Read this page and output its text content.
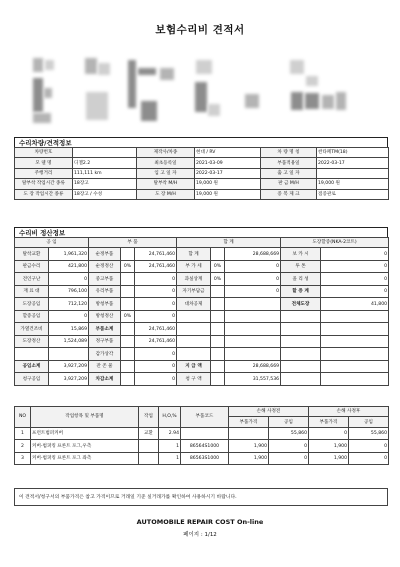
보험수리비 견적서
수리차량/견적정보
차량번호		제작사/차종	현대 / RV	차 량 명 칭	싼타페TM(18)
모 델 명	디젤2.2	최초등록일	2021-03-09	부품적용일	2022-03-17
주행거리	111,111 km	입 고 일 자	2022-03-17	출 고 일 자	
탈부착 작업시간 종류	18장고	탈부착 M/H	19,000 원	판 금 M/H	19,000 원
도 장 작업시간 종류	18장고 / 수성	도 장 M/H	19,000 원	증 복 제 크	점증관로
수리비 정산정보
공 임		부 품			합 계			도장할증(NKA-2코트)	
탈착교환	1,961,320	순정부품		24,761,460	합 계		28,688,669	보 카 시	0
판금수리	421,800	순정정산	0%	24,761,460	부 가 세	0%	0	투 톤	0
견인구난	0	중고부품		0	과실상계	0%	0	올 리 성	0
재 료 대	796,100	유리부품		0	자기부담금		0	할 증 계	0
도장공임	712,120	방청부품		0	대차공제			전체도장	41,800
할증공임	0	방청정산	0%	0					
가열건조비	15,869	부품소계		24,761,460					
도장정산	1,524,089	정구부품		24,761,460					
		감가상각		0					
공임소계	3,927,209	잔 존 물		0	지 급 액		28,688,669		
청구공임	3,927,209	차감소계		0	청 구 액		31,557,536		
NO	작업항목 및 부품명	작업	H,O,%	부품코드	손해 사정전		손해 사정후	
					부품가격	공임	부품가격	공임
1	프런트범퍼커버	교환	2.94			55,860	0	55,860
2	커버-범퍼킹 프론트 포그,우측		1	86564S1000	1,900	0	1,900	0
3	커버-범퍼킹 프론트 포그 좌측		1	86563S1000	1,900	0	1,900	0
이 견적서/청구서의 부품가격은 참고 가격이므로 거래일 기준 실거래가를 확인하여 사용하시기 바랍니다.
AUTOMOBILE REPAIR COST On-line
페이지 : 1/12
